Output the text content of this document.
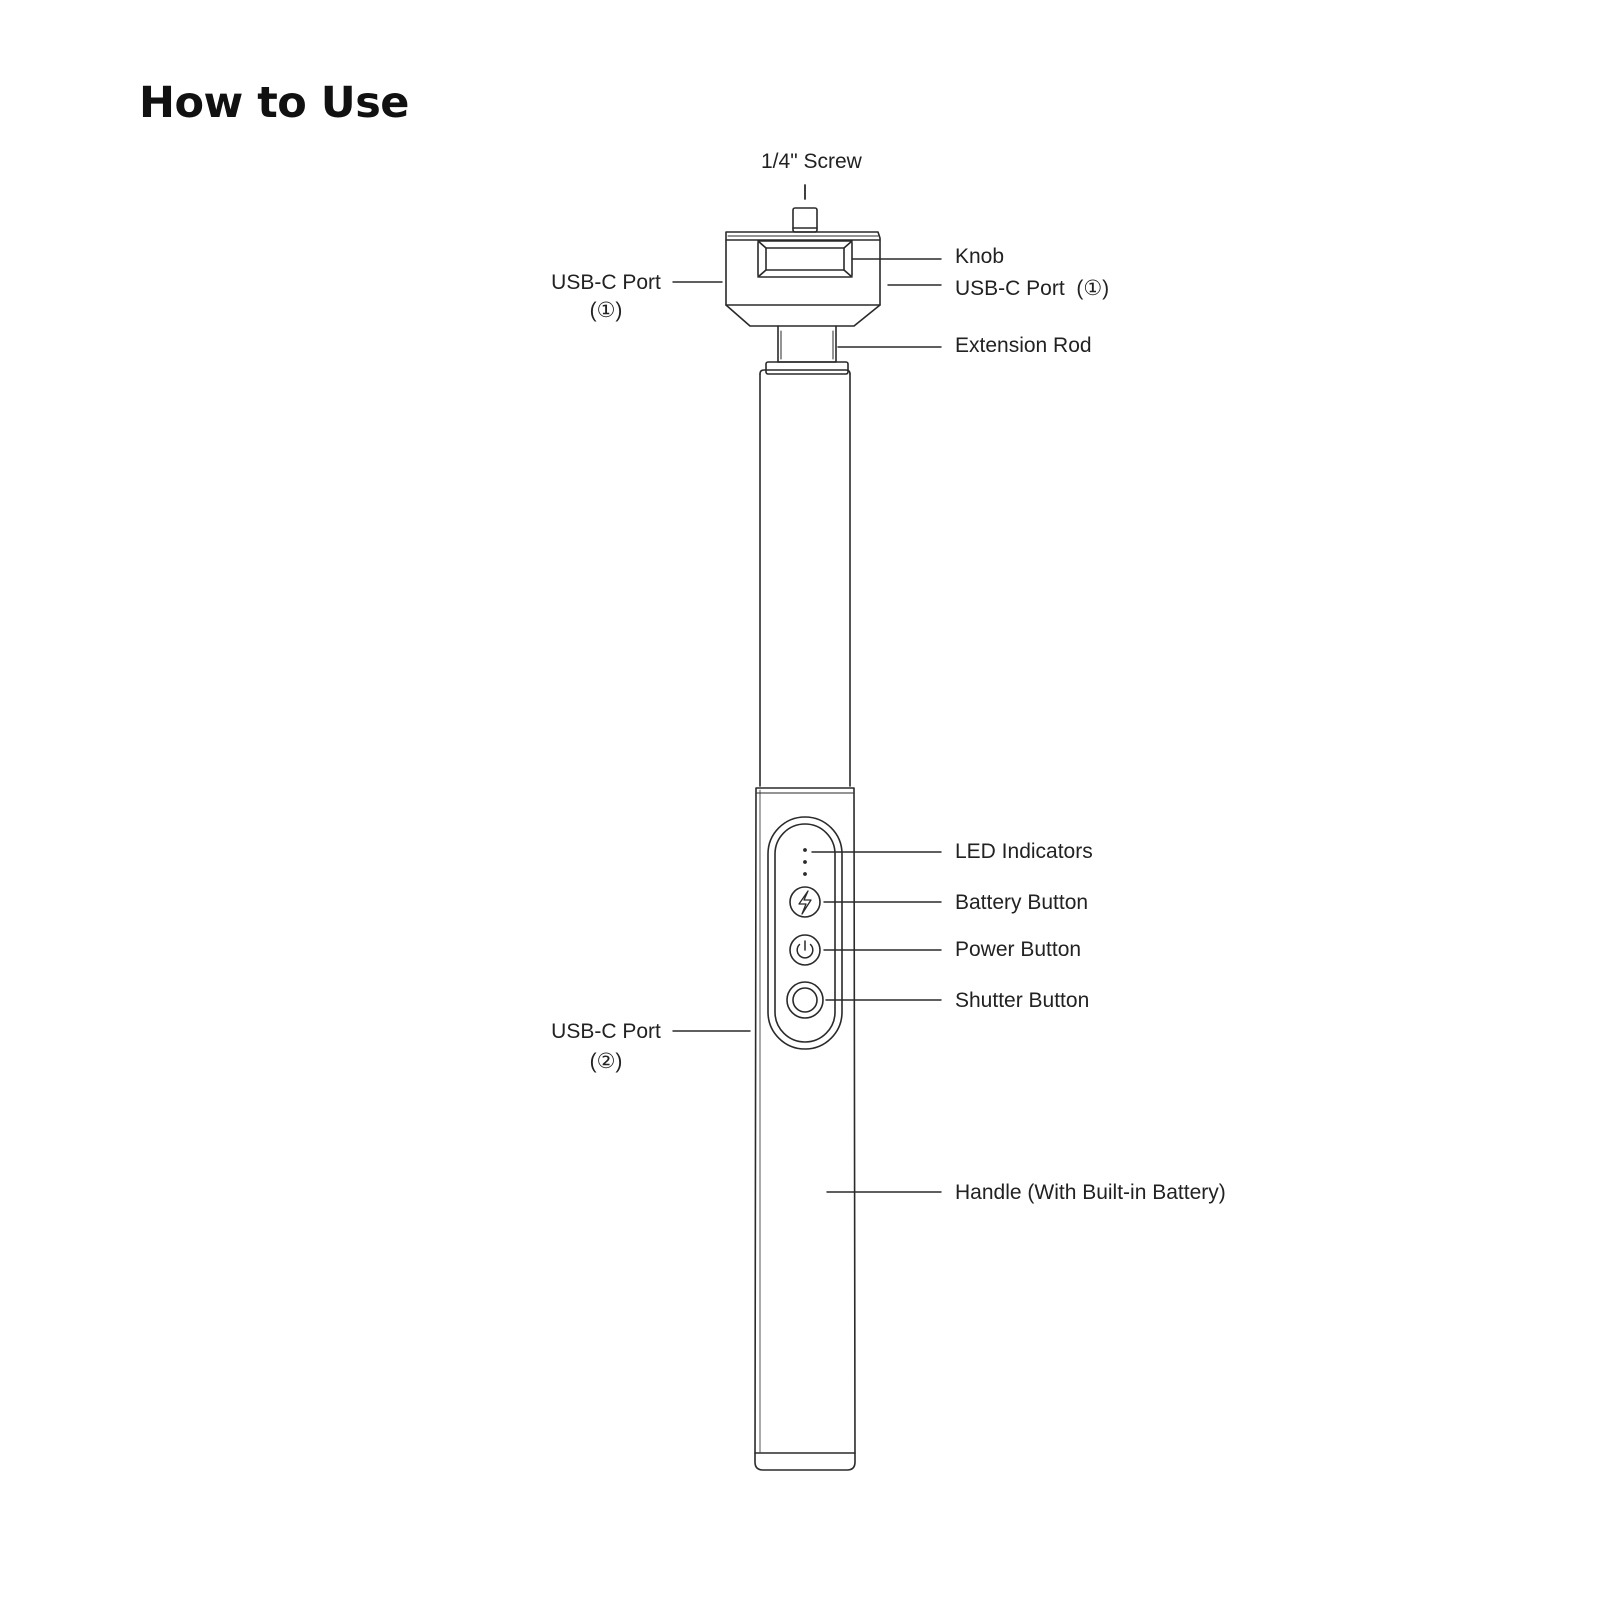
How to Use
1/4" Screw
Knob
USB-C Port  (①)
USB-C Port
(①)
Extension Rod
LED Indicators
Battery Button
Power Button
Shutter Button
USB-C Port
(②)
Handle (With Built-in Battery)
